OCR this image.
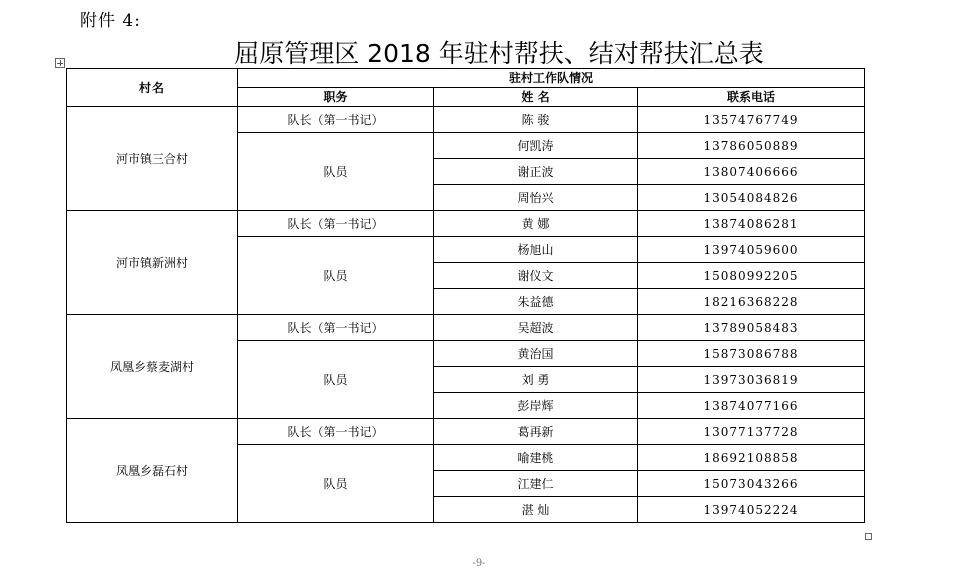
附件 4:
屈原管理区 2018 年驻村帮扶、结对帮扶汇总表
村名	驻村工作队情况		
	职务	姓 名	联系电话
河市镇三合村	队长（第一书记）	陈 骏	13574767749
	队员	何凯涛	13786050889
		谢正波	13807406666
		周怡兴	13054084826
河市镇新洲村	队长（第一书记）	黄 娜	13874086281
	队员	杨旭山	13974059600
		谢仪文	15080992205
		朱益德	18216368228
凤凰乡蔡麦湖村	队长（第一书记）	吴超波	13789058483
	队员	黄治国	15873086788
		刘 勇	13973036819
		彭岸辉	13874077166
凤凰乡磊石村	队长（第一书记）	葛再新	13077137728
	队员	喻建桃	18692108858
		江建仁	15073043266
		湛 灿	13974052224
-9-
